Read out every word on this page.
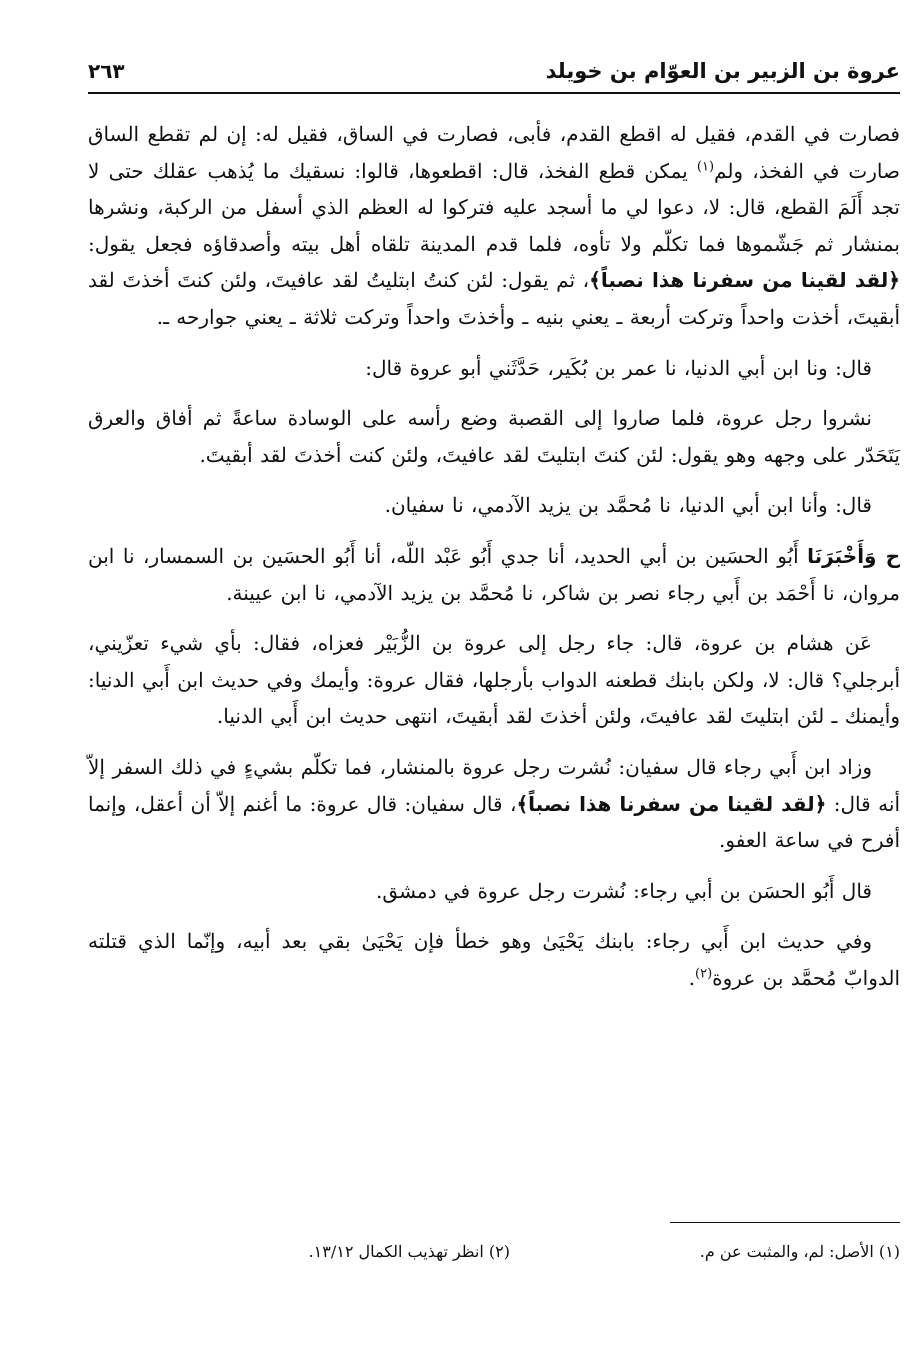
عروة بن الزبير بن العوّام بن خويلد
٢٦٣

فصارت في القدم، فقيل له اقطع القدم، فأبى، فصارت في الساق، فقيل له: إن لم تقطع الساق صارت في الفخذ، ولم$^{(١)}$ يمكن قطع الفخذ، قال: اقطعوها، قالوا: نسقيك ما يُذهب عقلك حتى لا تجد أَلَمَ القطع، قال: لا، دعوا لي ما أسجد عليه فتركوا له العظم الذي أسفل من الركبة، ونشرها بمنشار ثم جَشّموها فما تكلّم ولا تأوه، فلما قدم المدينة تلقاه أهل بيته وأصدقاؤه فجعل يقول: ﴿لقد لقينا من سفرنا هذا نصباً﴾، ثم يقول: لئن كنتُ ابتليتُ لقد عافيتَ، ولئن كنتَ أخذتَ لقد أبقيتَ، أخذت واحداً وتركت أربعة ـ يعني بنيه ـ وأخذتَ واحداً وتركت ثلاثة ـ يعني جوارحه ـ.

قال: ونا ابن أبي الدنيا، نا عمر بن بُكَير، حَدَّثَني أبو عروة قال:

نشروا رجل عروة، فلما صاروا إلى القصبة وضع رأسه على الوسادة ساعةً ثم أفاق والعرق يَتَحَدّر على وجهه وهو يقول: لئن كنتَ ابتليتَ لقد عافيتَ، ولئن كنت أخذتَ لقد أبقيتَ.

قال: وأنا ابن أبي الدنيا، نا مُحمَّد بن يزيد الآدمي، نا سفيان.

ح وَأَخْبَرَنَا أَبُو الحسَين بن أبي الحديد، أنا جدي أَبُو عَبْد اللّه، أنا أَبُو الحسَين بن السمسار، نا ابن مروان، نا أَحْمَد بن أَبي رجاء نصر بن شاكر، نا مُحمَّد بن يزيد الآدمي، نا ابن عيينة.

عَن هشام بن عروة، قال: جاء رجل إلى عروة بن الزُّبَيْر فعزاه، فقال: بأي شيء تعزّيني، أبرجلي؟ قال: لا، ولكن بابنك قطعنه الدواب بأرجلها، فقال عروة: وأيمك وفي حديث ابن أَبي الدنيا: وأيمنك ـ لئن ابتليتَ لقد عافيتَ، ولئن أخذتَ لقد أبقيتَ، انتهى حديث ابن أَبي الدنيا.

وزاد ابن أَبي رجاء قال سفيان: نُشرت رجل عروة بالمنشار، فما تكلّم بشيءٍ في ذلك السفر إلاّ أنه قال: ﴿لقد لقينا من سفرنا هذا نصباً﴾، قال سفيان: قال عروة: ما أغنم إلاّ أن أعقل، وإنما أفرح في ساعة العفو.

قال أَبُو الحسَن بن أبي رجاء: نُشرت رجل عروة في دمشق.

وفي حديث ابن أَبي رجاء: بابنك يَحْيَىٰ وهو خطأ فإن يَحْيَىٰ بقي بعد أبيه، وإنّما الذي قتلته الدوابّ مُحمَّد بن عروة$^{(٢)}$.

(١) الأصل: لم، والمثبت عن م.
(٢) انظر تهذيب الكمال ١٣/١٢.
